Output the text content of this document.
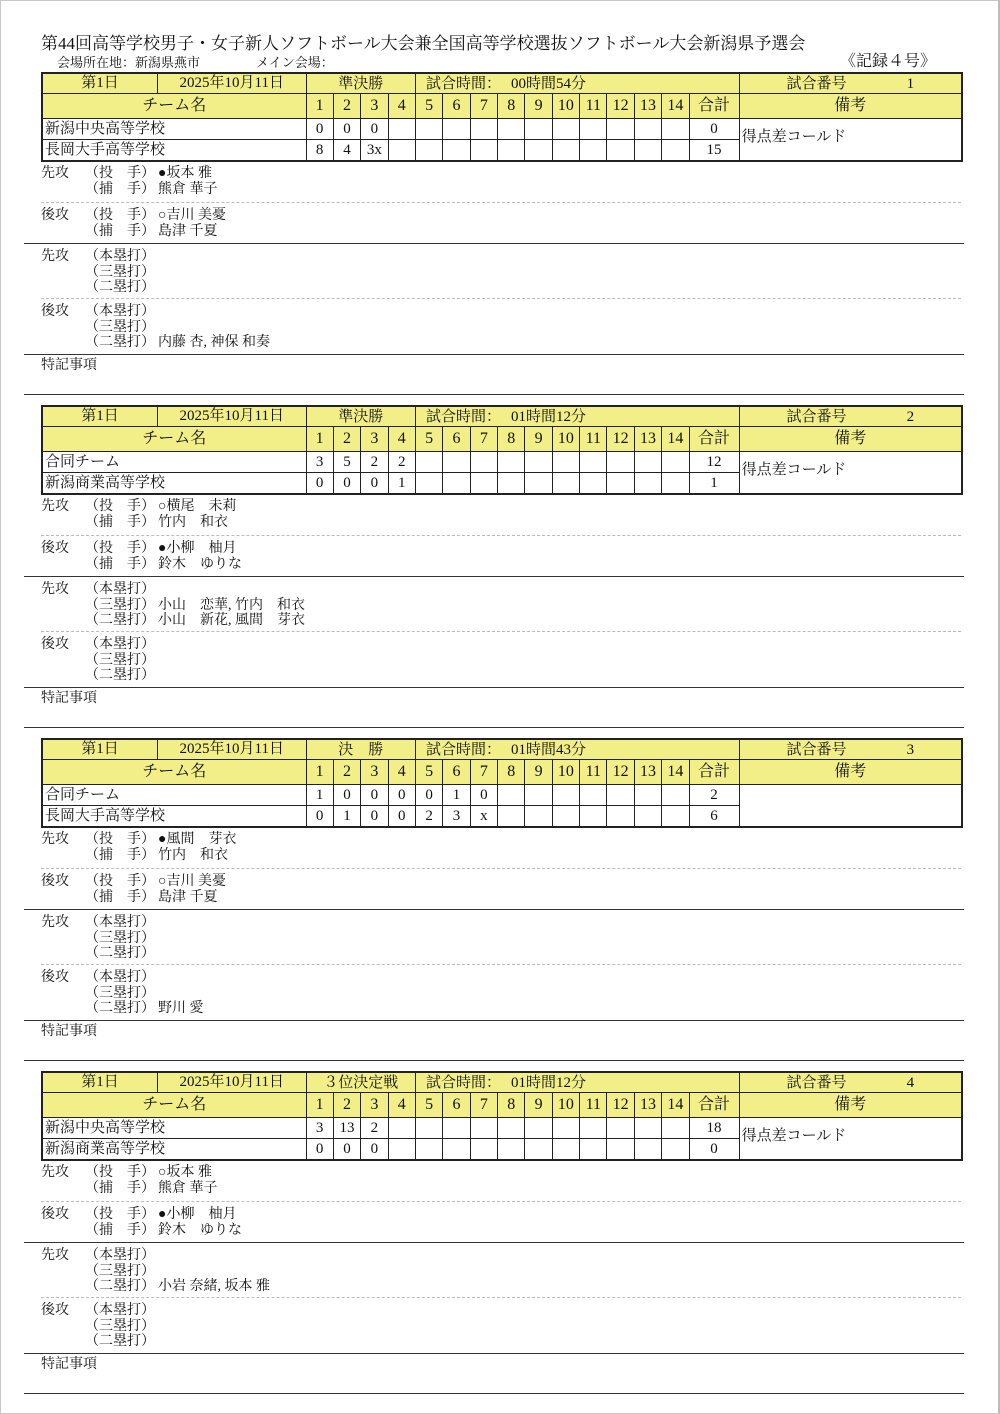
第44回高等学校男子・女子新人ソフトボール大会兼全国高等学校選抜ソフトボール大会新潟県予選会
会場所在地：新潟県燕市	メイン会場：	《記録４号》
第1日 2025年10月11日	準決勝				試合時間： 00時間54分											試合番号 1
チーム名	1	2	3	4	5	6	7	8	9	10	11	12	13	14	合計	備考
新潟中央高等学校	0	0	0												0	得点差コールド
長岡大手高等学校	8	4	3x												15	
先攻 （投　手） ●坂本 雅
（捕　手） 熊倉 華子
後攻 （投　手） ○吉川 美憂
（捕　手） 島津 千夏
先攻 （本塁打）
（三塁打）
（二塁打）
後攻 （本塁打）
（三塁打）
（二塁打） 内藤 杏, 神保 和奏
特記事項
第1日 2025年10月11日	準決勝				試合時間： 01時間12分											試合番号 2
チーム名	1	2	3	4	5	6	7	8	9	10	11	12	13	14	合計	備考
合同チーム	3	5	2	2											12	得点差コールド
新潟商業高等学校	0	0	0	1											1	
先攻 （投　手） ○横尾　未莉
（捕　手） 竹内　和衣
後攻 （投　手） ●小柳　柚月
（捕　手） 鈴木　ゆりな
先攻 （本塁打）
（三塁打） 小山　恋華, 竹内　和衣
（二塁打） 小山　新花, 風間　芽衣
後攻 （本塁打）
（三塁打）
（二塁打）
特記事項
第1日 2025年10月11日	決　勝				試合時間： 01時間43分											試合番号 3
チーム名	1	2	3	4	5	6	7	8	9	10	11	12	13	14	合計	備考
合同チーム	1	0	0	0	0	1	0								2	
長岡大手高等学校	0	1	0	0	2	3	x								6	
先攻 （投　手） ●風間　芽衣
（捕　手） 竹内　和衣
後攻 （投　手） ○吉川 美憂
（捕　手） 島津 千夏
先攻 （本塁打）
（三塁打）
（二塁打）
後攻 （本塁打）
（三塁打）
（二塁打） 野川 愛
特記事項
第1日 2025年10月11日	３位決定戦				試合時間： 01時間12分											試合番号 4
チーム名	1	2	3	4	5	6	7	8	9	10	11	12	13	14	合計	備考
新潟中央高等学校	3	13	2												18	得点差コールド
新潟商業高等学校	0	0	0												0	
先攻 （投　手） ○坂本 雅
（捕　手） 熊倉 華子
後攻 （投　手） ●小柳　柚月
（捕　手） 鈴木　ゆりな
先攻 （本塁打）
（三塁打）
（二塁打） 小岩 奈緒, 坂本 雅
後攻 （本塁打）
（三塁打）
（二塁打）
特記事項
